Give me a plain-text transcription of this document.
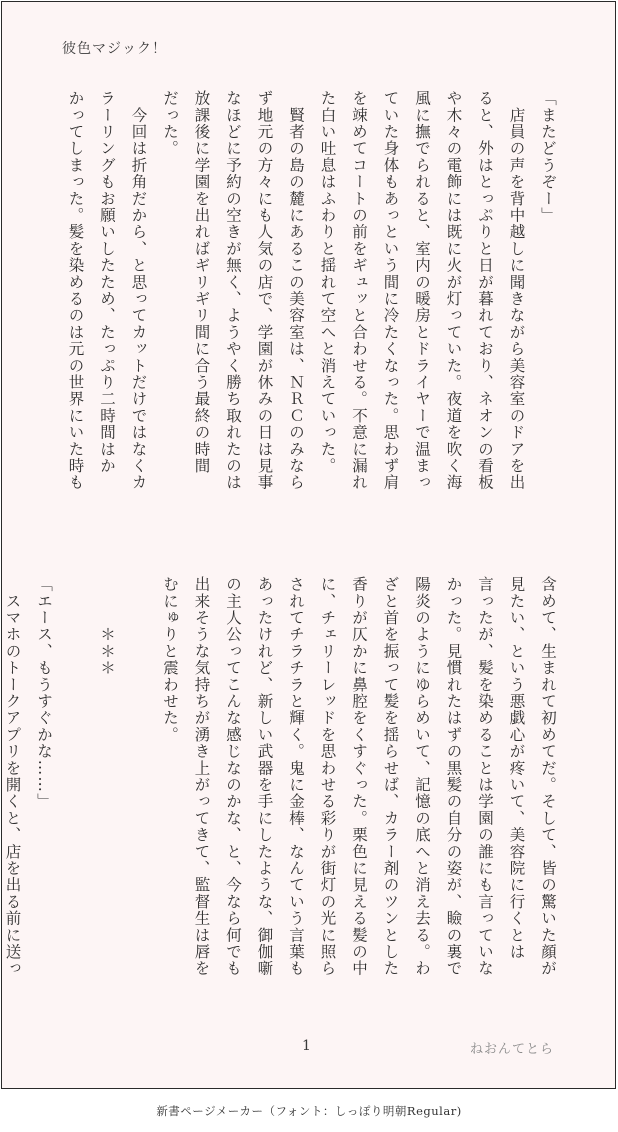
彼色マジック！
「またどうぞー」
　店員の声を背中越しに聞きながら美容室のドアを出
ると、外はとっぷりと日が暮れており、ネオンの看板
や木々の電飾には既に火が灯っていた。夜道を吹く海
風に撫でられると、室内の暖房とドライヤーで温まっ
ていた身体もあっという間に冷たくなった。思わず肩
を竦めてコートの前をギュッと合わせる。不意に漏れ
た白い吐息はふわりと揺れて空へと消えていった。
　賢者の島の麓にあるこの美容室は、ＮＲＣのみなら
ず地元の方々にも人気の店で、学園が休みの日は見事
なほどに予約の空きが無く、ようやく勝ち取れたのは
放課後に学園を出ればギリギリ間に合う最終の時間
だった。
　今回は折角だから、と思ってカットだけではなくカ
ラーリングもお願いしたため、たっぷり二時間はか
かってしまった。髪を染めるのは元の世界にいた時も
含めて、生まれて初めてだ。そして、皆の驚いた顔が
見たい、という悪戯心が疼いて、美容院に行くとは
言ったが、髪を染めることは学園の誰にも言っていな
かった。見慣れたはずの黒髪の自分の姿が、瞼の裏で
陽炎のようにゆらめいて、記憶の底へと消え去る。わ
ざと首を振って髪を揺らせば、カラー剤のツンとした
香りが仄かに鼻腔をくすぐった。栗色に見える髪の中
に、チェリーレッドを思わせる彩りが街灯の光に照ら
されてチラチラと輝く。鬼に金棒、なんていう言葉も
あったけれど、新しい武器を手にしたような、御伽噺
の主人公ってこんな感じなのかな、と、今なら何でも
出来そうな気持ちが湧き上がってきて、監督生は唇を
むにゅりと震わせた。

　　　＊＊＊

「エース、もうすぐかな……」
　スマホのトークアプリを開くと、店を出る前に送っ

1	ねおんてとら
新書ページメーカー（フォント：しっぽり明朝Regular)
